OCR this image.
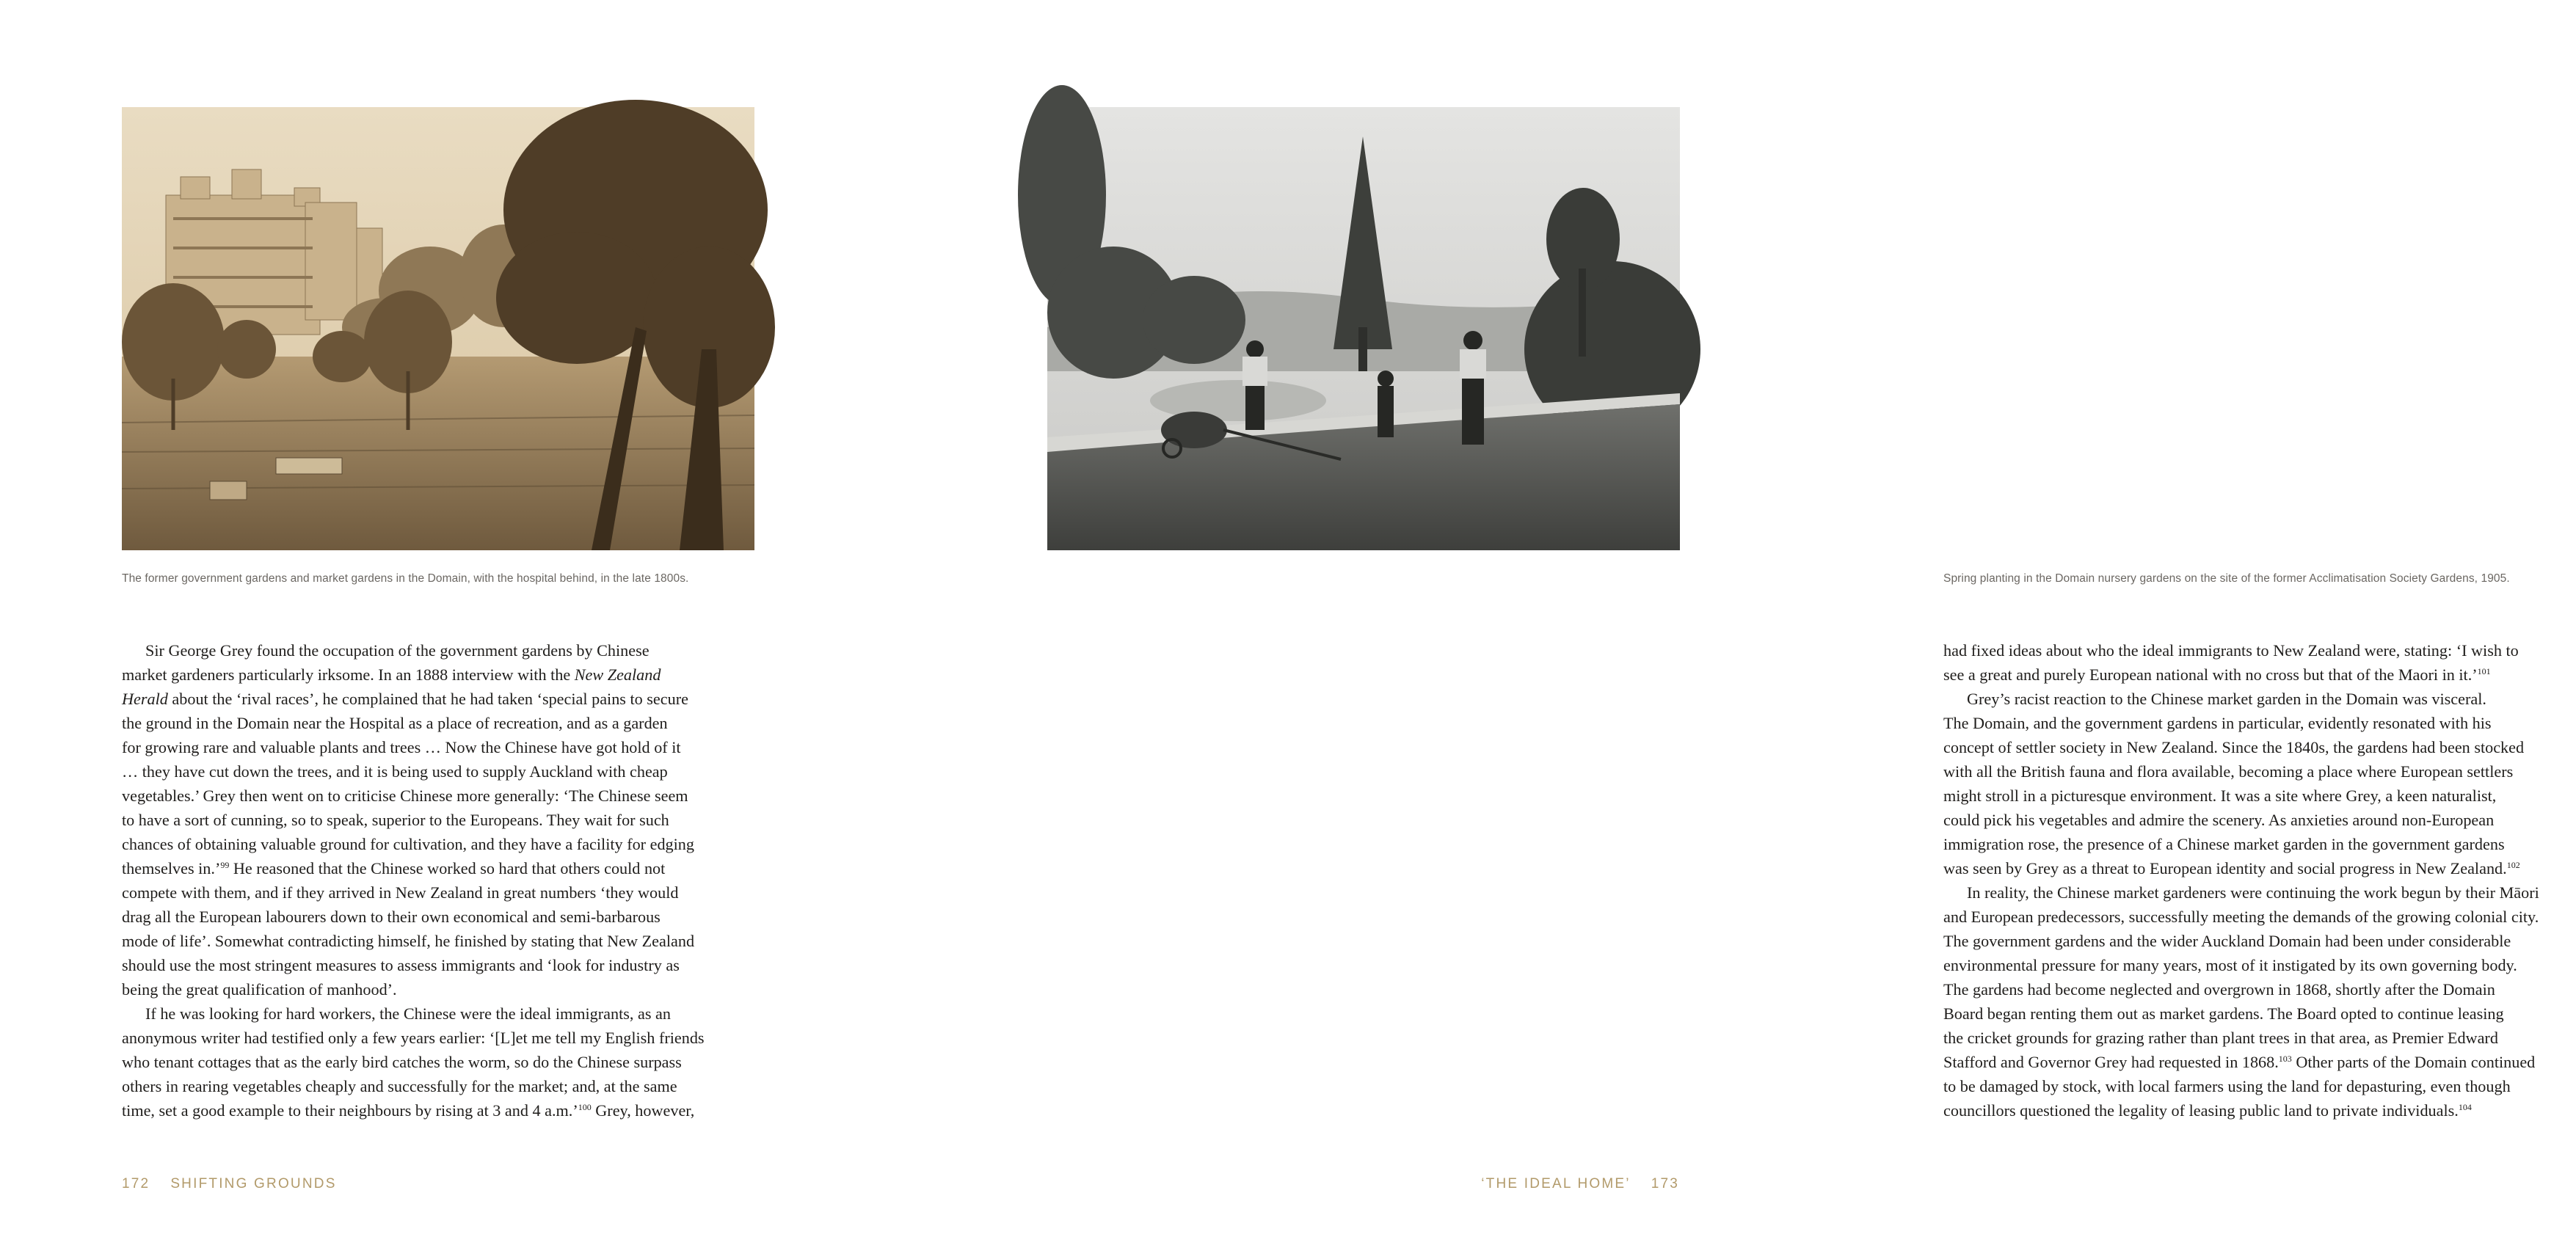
The former government gardens and market gardens in the Domain, with the hospital behind, in the late 1800s.
Sir George Grey found the occupation of the government gardens by Chinese
market gardeners particularly irksome. In an 1888 interview with the New Zealand
Herald about the ‘rival races’, he complained that he had taken ‘special pains to secure
the ground in the Domain near the Hospital as a place of recreation, and as a garden
for growing rare and valuable plants and trees … Now the Chinese have got hold of it
… they have cut down the trees, and it is being used to supply Auckland with cheap
vegetables.’ Grey then went on to criticise Chinese more generally: ‘The Chinese seem
to have a sort of cunning, so to speak, superior to the Europeans. They wait for such
chances of obtaining valuable ground for cultivation, and they have a facility for edging
themselves in.’$^{99}$ He reasoned that the Chinese worked so hard that others could not
compete with them, and if they arrived in New Zealand in great numbers ‘they would
drag all the European labourers down to their own economical and semi-barbarous
mode of life’. Somewhat contradicting himself, he finished by stating that New Zealand
should use the most stringent measures to assess immigrants and ‘look for industry as
being the great qualification of manhood’.
If he was looking for hard workers, the Chinese were the ideal immigrants, as an
anonymous writer had testified only a few years earlier: ‘[L]et me tell my English friends
who tenant cottages that as the early bird catches the worm, so do the Chinese surpass
others in rearing vegetables cheaply and successfully for the market; and, at the same
time, set a good example to their neighbours by rising at 3 and 4 a.m.’$^{100}$ Grey, however,
172 SHIFTING GROUNDS
Spring planting in the Domain nursery gardens on the site of the former Acclimatisation Society Gardens, 1905.
had fixed ideas about who the ideal immigrants to New Zealand were, stating: ‘I wish to
see a great and purely European national with no cross but that of the Maori in it.’$^{101}$
Grey’s racist reaction to the Chinese market garden in the Domain was visceral.
The Domain, and the government gardens in particular, evidently resonated with his
concept of settler society in New Zealand. Since the 1840s, the gardens had been stocked
with all the British fauna and flora available, becoming a place where European settlers
might stroll in a picturesque environment. It was a site where Grey, a keen naturalist,
could pick his vegetables and admire the scenery. As anxieties around non-European
immigration rose, the presence of a Chinese market garden in the government gardens
was seen by Grey as a threat to European identity and social progress in New Zealand.$^{102}$
In reality, the Chinese market gardeners were continuing the work begun by their Māori
and European predecessors, successfully meeting the demands of the growing colonial city.
The government gardens and the wider Auckland Domain had been under considerable
environmental pressure for many years, most of it instigated by its own governing body.
The gardens had become neglected and overgrown in 1868, shortly after the Domain
Board began renting them out as market gardens. The Board opted to continue leasing
the cricket grounds for grazing rather than plant trees in that area, as Premier Edward
Stafford and Governor Grey had requested in 1868.$^{103}$ Other parts of the Domain continued
to be damaged by stock, with local farmers using the land for depasturing, even though
councillors questioned the legality of leasing public land to private individuals.$^{104}$
‘THE IDEAL HOME’ 173
